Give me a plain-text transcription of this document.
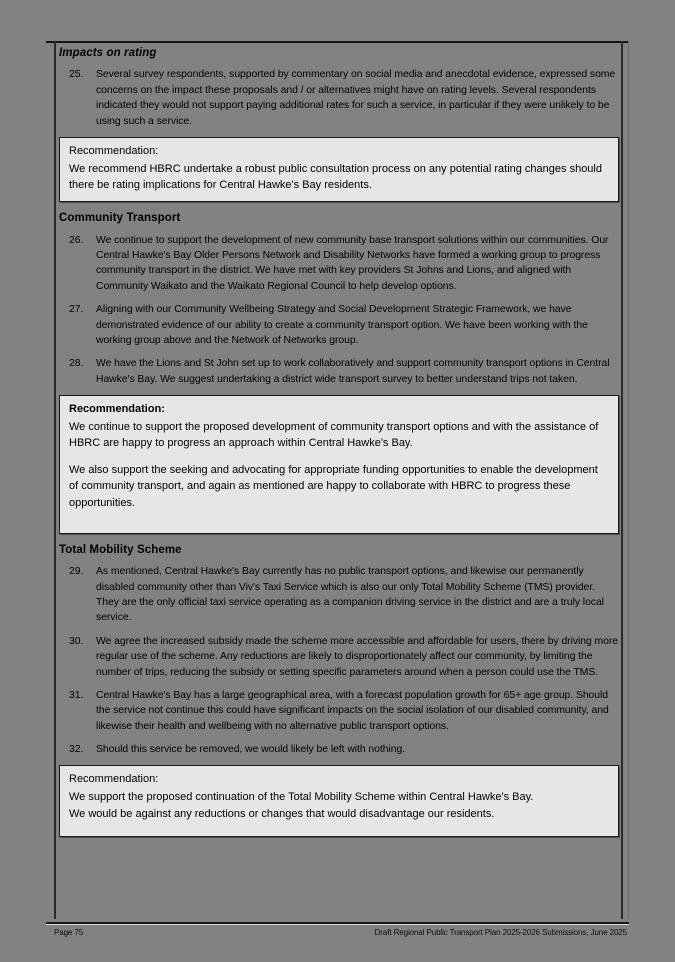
Impacts on rating
25.	Several survey respondents, supported by commentary on social media and anecdotal evidence, expressed some concerns on the impact these proposals and / or alternatives might have on rating levels. Several respondents indicated they would not support paying additional rates for such a service, in particular if they were unlikely to be using such a service.
Recommendation:

We recommend HBRC undertake a robust public consultation process on any potential rating changes should there be rating implications for Central Hawke's Bay residents.

Community Transport
26.	We continue to support the development of new community base transport solutions within our communities. Our Central Hawke's Bay Older Persons Network and Disability Networks have formed a working group to progress community transport in the district. We have met with key providers St Johns and Lions, and aligned with Community Waikato and the Waikato Regional Council to help develop options.
27.	Aligning with our Community Wellbeing Strategy and Social Development Strategic Framework, we have demonstrated evidence of our ability to create a community transport option. We have been working with the working group above and the Network of Networks group.
28.	We have the Lions and St John set up to work collaboratively and support community transport options in Central Hawke's Bay. We suggest undertaking a district wide transport survey to better understand trips not taken.
Recommendation:

We continue to support the proposed development of community transport options and with the assistance of HBRC are happy to progress an approach within Central Hawke's Bay.

We also support the seeking and advocating for appropriate funding opportunities to enable the development of community transport, and again as mentioned are happy to collaborate with HBRC to progress these opportunities.

Total Mobility Scheme
29.	As mentioned, Central Hawke's Bay currently has no public transport options, and likewise our permanently disabled community other than Viv's Taxi Service which is also our only Total Mobility Scheme (TMS) provider. They are the only official taxi service operating as a companion driving service in the district and are a truly local service.
30.	We agree the increased subsidy made the scheme more accessible and affordable for users, there by driving more regular use of the scheme. Any reductions are likely to disproportionately affect our community, by limiting the number of trips, reducing the subsidy or setting specific parameters around when a person could use the TMS.
31.	Central Hawke's Bay has a large geographical area, with a forecast population growth for 65+ age group. Should the service not continue this could have significant impacts on the social isolation of our disabled community, and likewise their health and wellbeing with no alternative public transport options.
32.	Should this service be removed, we would likely be left with nothing.
Recommendation:

We support the proposed continuation of the Total Mobility Scheme within Central Hawke's Bay.

We would be against any reductions or changes that would disadvantage our residents.

Page 75	Draft Regional Public Transport Plan 2025-2026 Submissions, June 2025
